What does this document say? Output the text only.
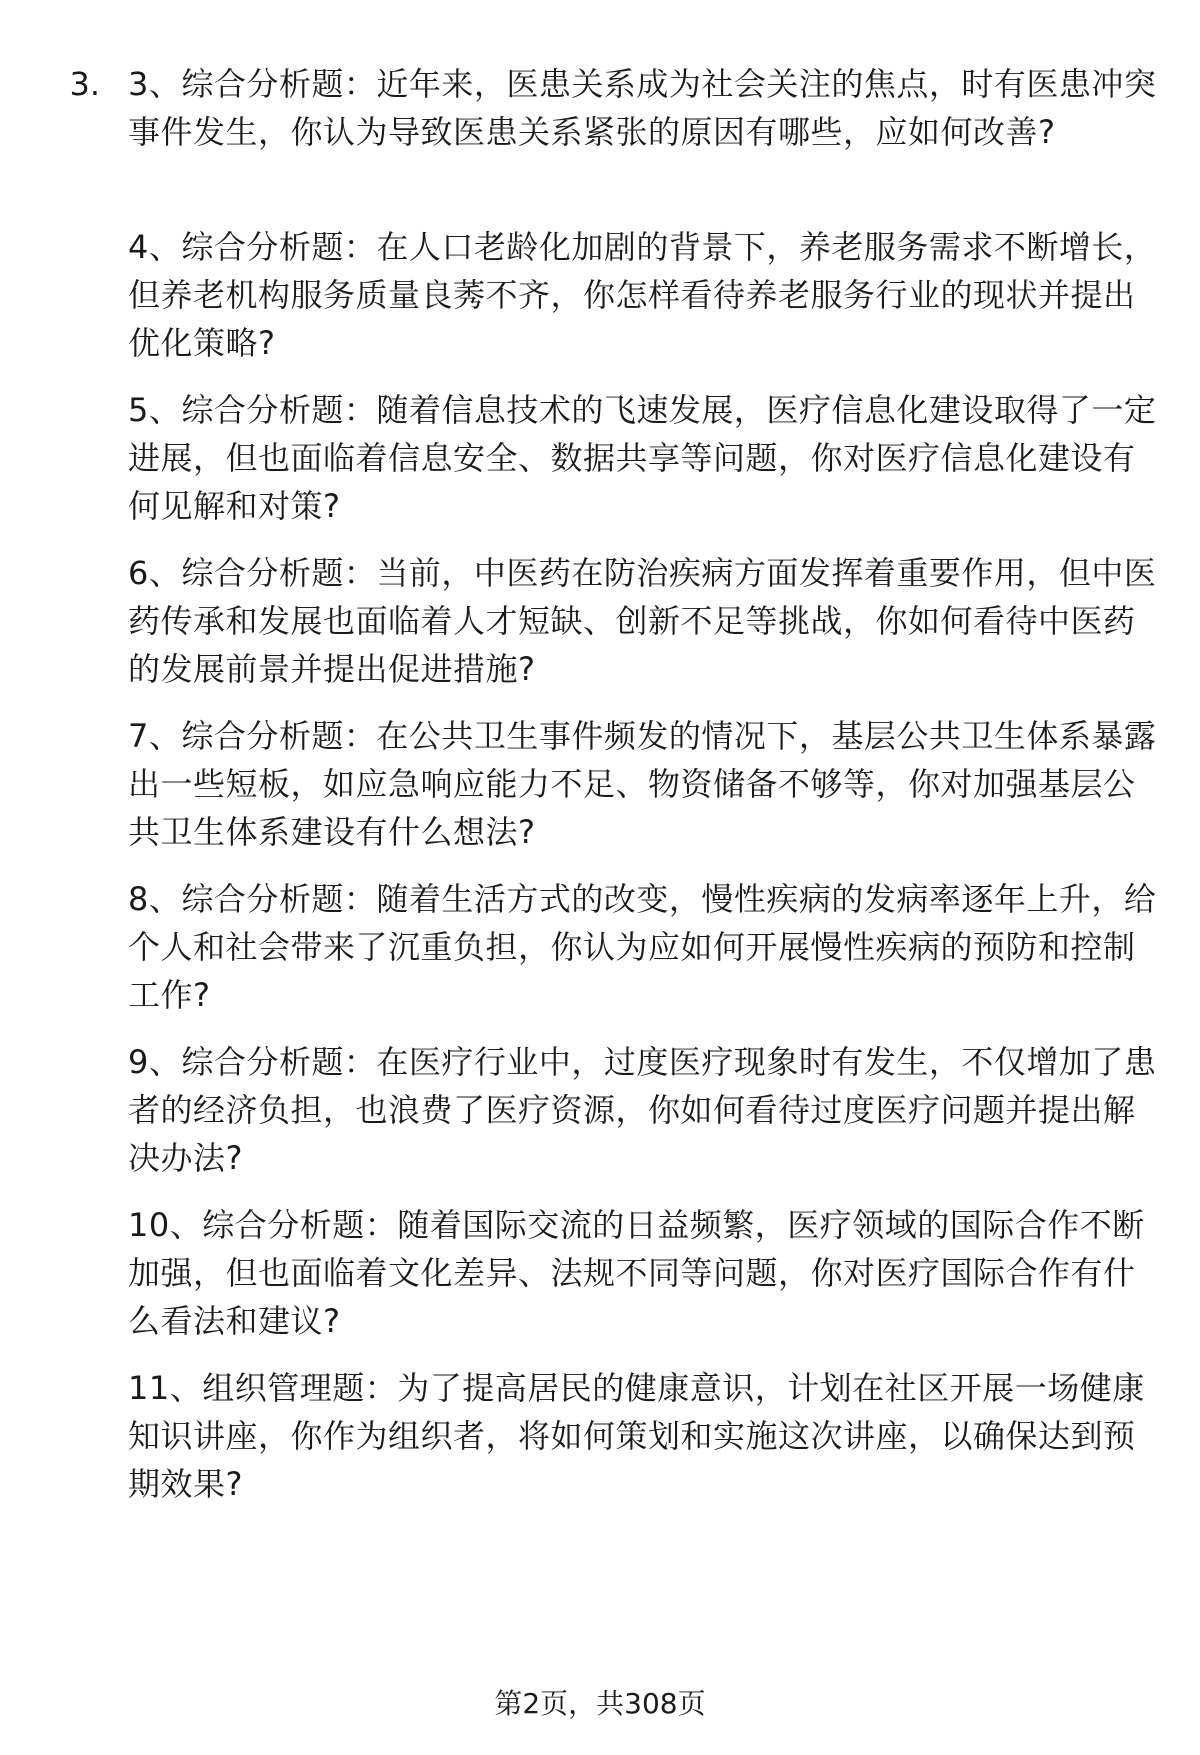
3. 3、综合分析题：近年来，医患关系成为社会关注的焦点，时有医患冲突事件发生，你认为导致医患关系紧张的原因有哪些，应如何改善?
4、综合分析题：在人口老龄化加剧的背景下，养老服务需求不断增长，但养老机构服务质量良莠不齐，你怎样看待养老服务行业的现状并提出优化策略?
5、综合分析题：随着信息技术的飞速发展，医疗信息化建设取得了一定进展，但也面临着信息安全、数据共享等问题，你对医疗信息化建设有何见解和对策?
6、综合分析题：当前，中医药在防治疾病方面发挥着重要作用，但中医药传承和发展也面临着人才短缺、创新不足等挑战，你如何看待中医药的发展前景并提出促进措施?
7、综合分析题：在公共卫生事件频发的情况下，基层公共卫生体系暴露出一些短板，如应急响应能力不足、物资储备不够等，你对加强基层公共卫生体系建设有什么想法?
8、综合分析题：随着生活方式的改变，慢性疾病的发病率逐年上升，给个人和社会带来了沉重负担，你认为应如何开展慢性疾病的预防和控制工作?
9、综合分析题：在医疗行业中，过度医疗现象时有发生，不仅增加了患者的经济负担，也浪费了医疗资源，你如何看待过度医疗问题并提出解决办法?
10、综合分析题：随着国际交流的日益频繁，医疗领域的国际合作不断加强，但也面临着文化差异、法规不同等问题，你对医疗国际合作有什么看法和建议?
11、组织管理题：为了提高居民的健康意识，计划在社区开展一场健康知识讲座，你作为组织者，将如何策划和实施这次讲座，以确保达到预期效果?
第2页，共308页
